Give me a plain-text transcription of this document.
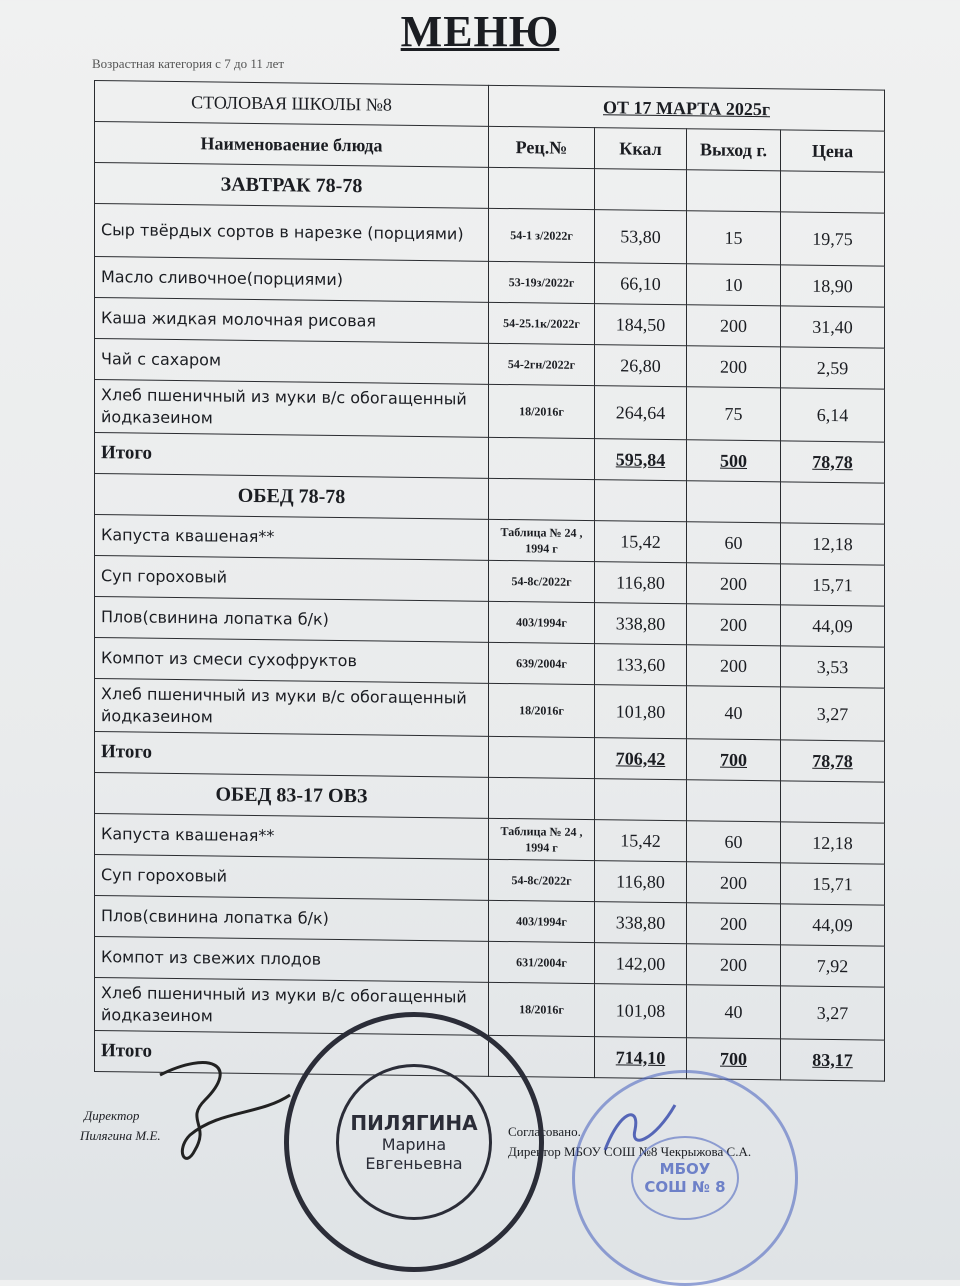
МЕНЮ
Возрастная категория с 7 до 11 лет
СТОЛОВАЯ ШКОЛЫ №8	ОТ 17 МАРТА 2025г			
Наименоваение блюда	Рец.№	Ккал	Выход г.	Цена
ЗАВТРАК 78-78				
Сыр твёрдых сортов в нарезке (порциями)	54-1 з/2022г	53,80	15	19,75
Масло сливочное(порциями)	53-19з/2022г	66,10	10	18,90
Каша жидкая молочная рисовая	54-25.1к/2022г	184,50	200	31,40
Чай с сахаром	54-2гн/2022г	26,80	200	2,59
Хлеб пшеничный из муки в/с обогащенный йодказеином	18/2016г	264,64	75	6,14
Итого		595,84	500	78,78
ОБЕД 78-78				
Капуста квашеная**	Таблица № 24 , 1994 г	15,42	60	12,18
Суп гороховый	54-8с/2022г	116,80	200	15,71
Плов(свинина лопатка б/к)	403/1994г	338,80	200	44,09
Компот из смеси сухофруктов	639/2004г	133,60	200	3,53
Хлеб пшеничный из муки в/с обогащенный йодказеином	18/2016г	101,80	40	3,27
Итого		706,42	700	78,78
ОБЕД 83-17 ОВЗ				
Капуста квашеная**	Таблица № 24 , 1994 г	15,42	60	12,18
Суп гороховый	54-8с/2022г	116,80	200	15,71
Плов(свинина лопатка б/к)	403/1994г	338,80	200	44,09
Компот из свежих плодов	631/2004г	142,00	200	7,92
Хлеб пшеничный из муки в/с обогащенный йодказеином	18/2016г	101,08	40	3,27
Итого		714,10	700	83,17
Директор
Пилягина М.Е.	Согласовано.
Директор МБОУ СОШ №8 Чекрыжова С.А.
ПИЛЯГИНА
Марина
Евгеньевна	МБОУ
СОШ № 8
